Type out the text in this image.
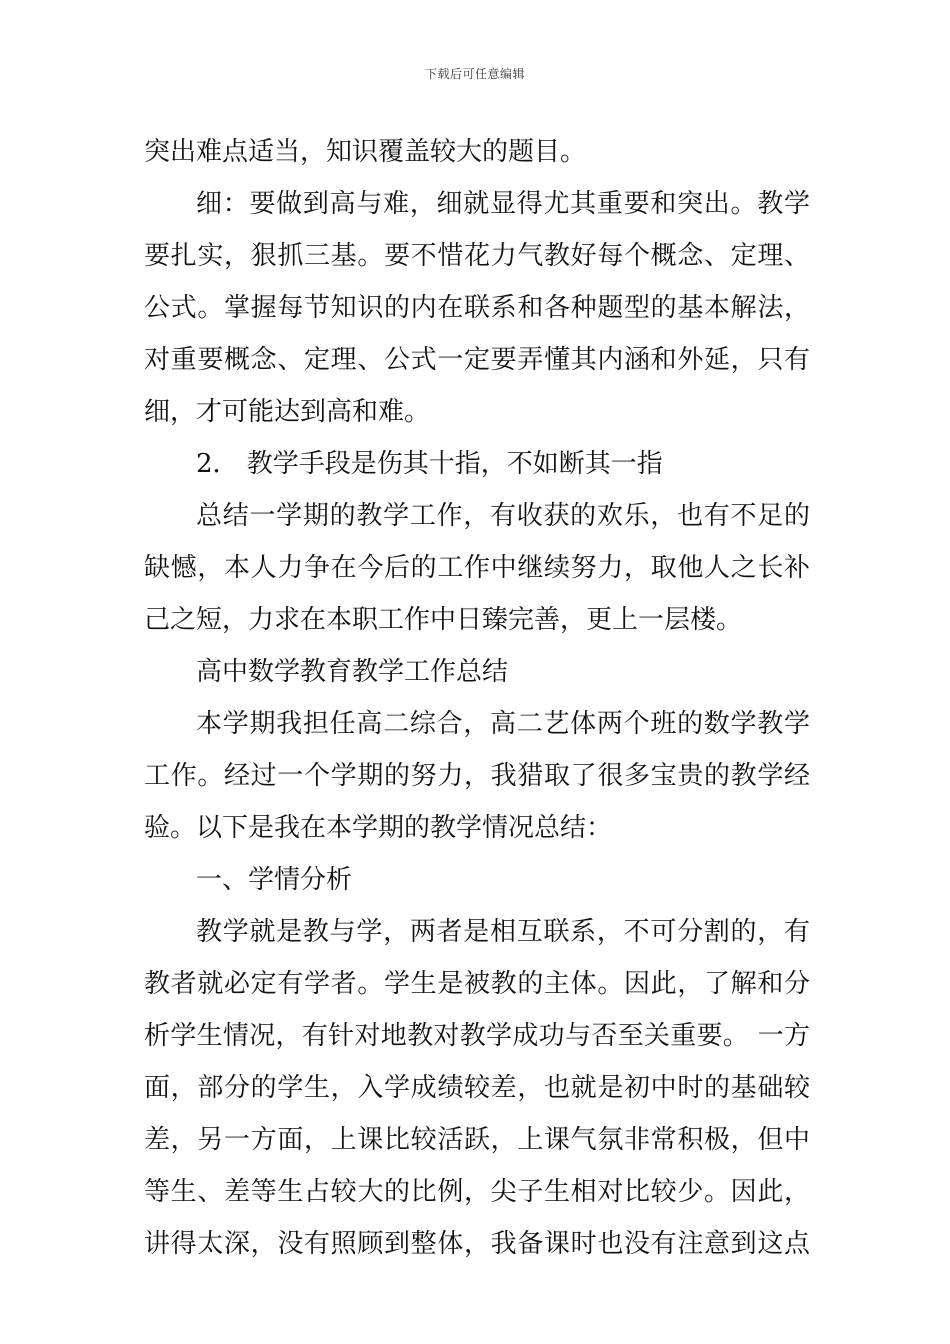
下载后可任意编辑
突出难点适当，知识覆盖较大的题目。
细：要做到高与难，细就显得尤其重要和突出。教学
要扎实，狠抓三基。要不惜花力气教好每个概念、定理、
公式。掌握每节知识的内在联系和各种题型的基本解法，
对重要概念、定理、公式一定要弄懂其内涵和外延，只有
细，才可能达到高和难。
2． 教学手段是伤其十指，不如断其一指
总结一学期的教学工作，有收获的欢乐，也有不足的
缺憾，本人力争在今后的工作中继续努力，取他人之长补
己之短，力求在本职工作中日臻完善，更上一层楼。
高中数学教育教学工作总结
本学期我担任高二综合，高二艺体两个班的数学教学
工作。经过一个学期的努力，我猎取了很多宝贵的教学经
验。以下是我在本学期的教学情况总结：
一、学情分析
教学就是教与学，两者是相互联系，不可分割的，有
教者就必定有学者。学生是被教的主体。因此，了解和分
析学生情况，有针对地教对教学成功与否至关重要。 一方
面，部分的学生，入学成绩较差，也就是初中时的基础较
差，另一方面，上课比较活跃，上课气氛非常积极，但中
等生、差等生占较大的比例，尖子生相对比较少。因此，
讲得太深，没有照顾到整体，我备课时也没有注意到这点
